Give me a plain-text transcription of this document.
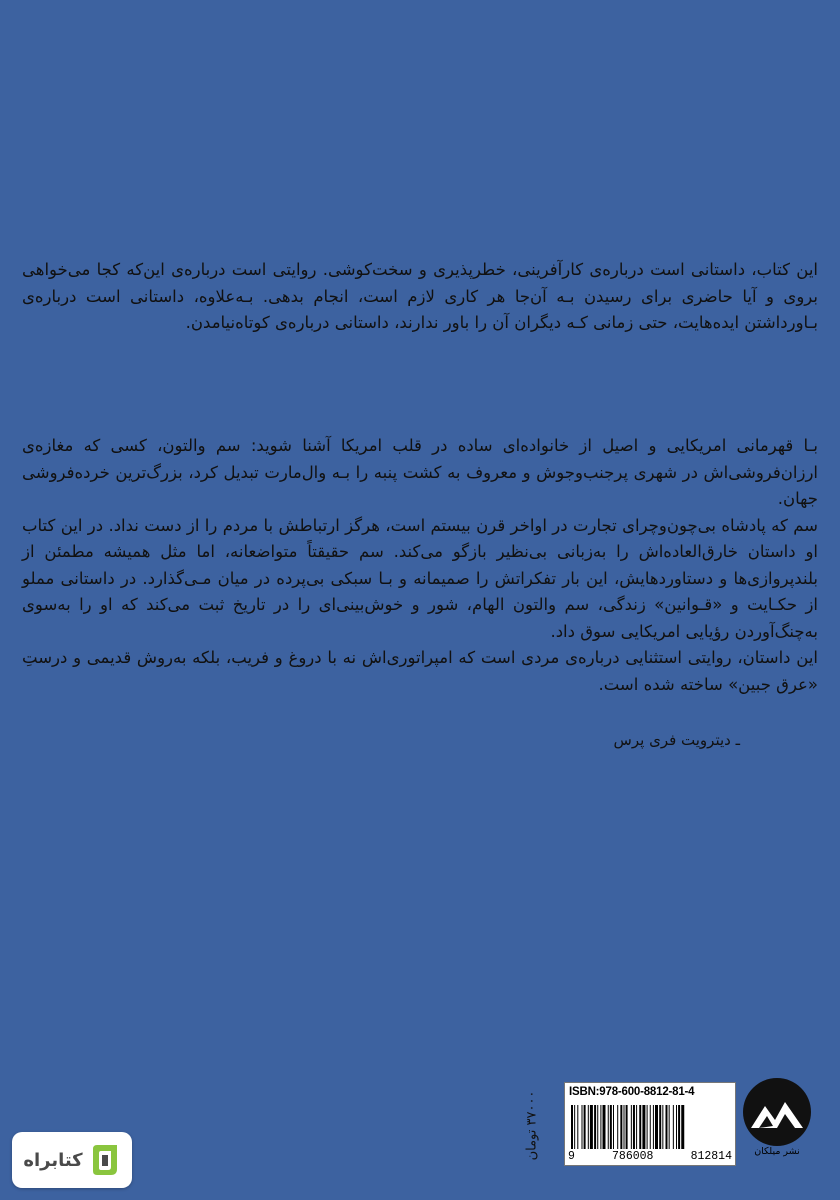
این کتاب، داستانی است درباره‌ی کارآفرینی، خطرپذیری و سخت‌کوشی. روایتی است درباره‌ی این‌که کجا می‌خواهی بروی و آیا حاضری برای رسیدن بـه آن‌جا هر کاری لازم است، انجام بدهی. بـه‌علاوه، داستانی است درباره‌ی بـاورداشتن ایده‌هایت، حتی زمانی کـه دیگران آن را باور ندارند، داستانی درباره‌ی کوتاه‌نیامدن.

بـا قهرمانی امریکایی و اصیل از خانواده‌ای ساده در قلب امریکا آشنا شوید: سم والتون، کسی که مغازه‌ی ارزان‌فروشی‌اش در شهری پرجنب‌وجوش و معروف به کشت پنبه را بـه وال‌مارت تبدیل کرد، بزرگ‌ترین خرده‌فروشی جهان.

سم که پادشاه بی‌چون‌وچرای تجارت در اواخر قرن بیستم است، هرگز ارتباطش با مردم را از دست نداد. در این کتاب او داستان خارق‌العاده‌اش را به‌زبانی بی‌نظیر بازگو می‌کند. سم حقیقتاً متواضعانه، اما مثل همیشه مطمئن از بلندپروازی‌ها و دستاوردهایش، این بار تفکراتش را صمیمانه و بـا سبکی بی‌پرده در میان مـی‌گذارد. در داستانی مملو از حکـایت و «قـوانین» زندگی، سم والتون الهام، شور و خوش‌بینی‌ای را در تاریخ ثبت می‌کند که او را به‌سوی به‌چنگ‌آوردن رؤیایی امریکایی سوق داد.

این داستان، روایتی استثنایی درباره‌ی مردی است که امپراتوری‌اش نه با دروغ و فریب، بلکه به‌روش قدیمی و درستِ «عرق جبین» ساخته شده است.

ـ دیترویت فری پرس

۳۷۰۰۰ تومان	ISBN:978-600-8812-81-4
9	786008	812814	نشر میلکان
کتابراه
